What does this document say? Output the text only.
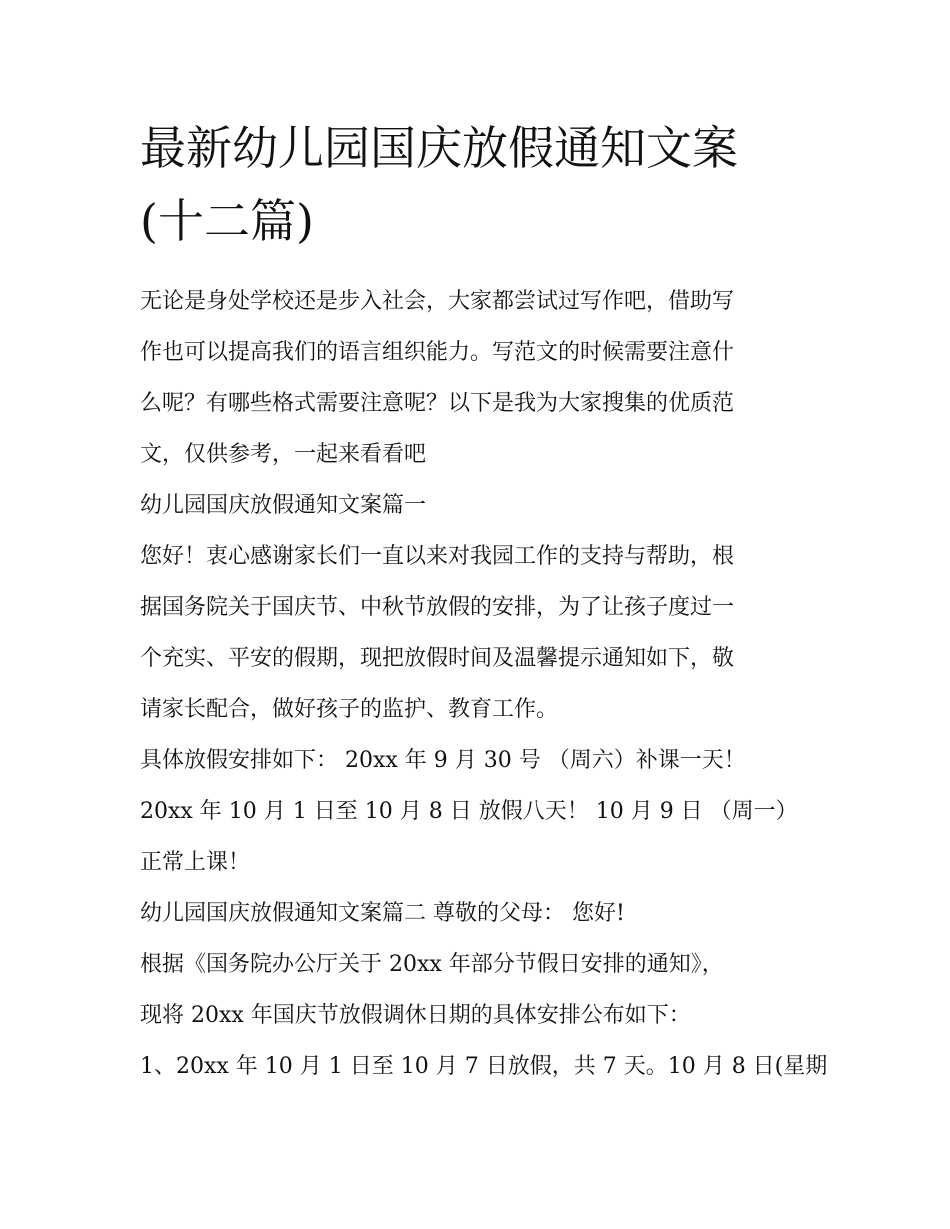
最新幼儿园国庆放假通知文案
(十二篇)

无论是身处学校还是步入社会，大家都尝试过写作吧，借助写

作也可以提高我们的语言组织能力。写范文的时候需要注意什

么呢？有哪些格式需要注意呢？以下是我为大家搜集的优质范

文，仅供参考，一起来看看吧

幼儿园国庆放假通知文案篇一

您好！衷心感谢家长们一直以来对我园工作的支持与帮助，根

据国务院关于国庆节、中秋节放假的安排，为了让孩子度过一

个充实、平安的假期，现把放假时间及温馨提示通知如下，敬

请家长配合，做好孩子的监护、教育工作。

具体放假安排如下： 20xx 年 9 月 30 号 （周六）补课一天！

20xx 年 10 月 1 日至 10 月 8 日 放假八天！ 10 月 9 日 （周一）

正常上课！

幼儿园国庆放假通知文案篇二 尊敬的父母： 您好!

根据《国务院办公厅关于 20xx 年部分节假日安排的通知》，

现将 20xx 年国庆节放假调休日期的具体安排公布如下：

1、20xx 年 10 月 1 日至 10 月 7 日放假，共 7 天。10 月 8 日(星期
